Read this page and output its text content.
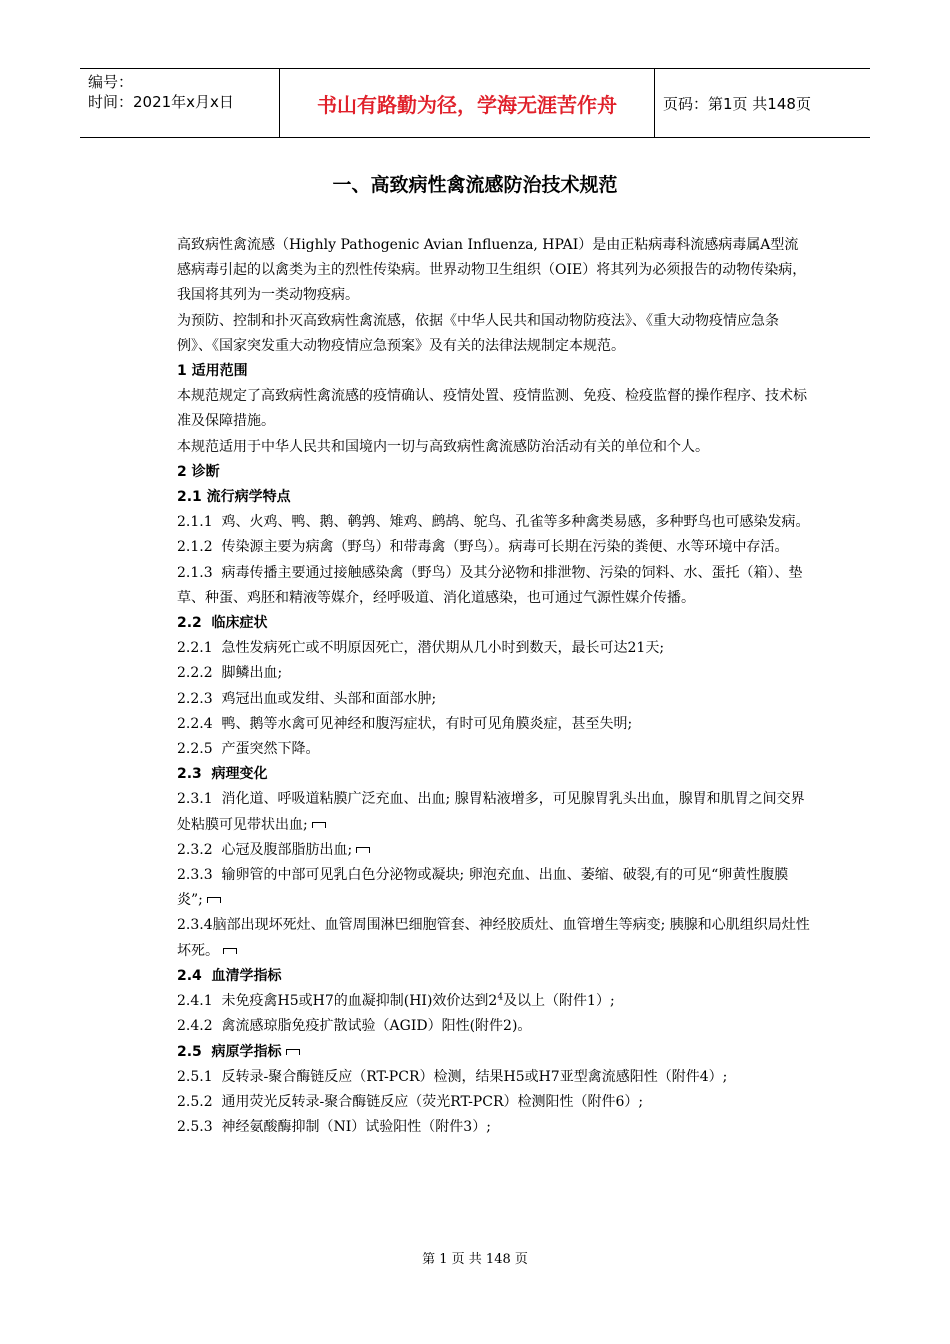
编号：
时间：2021年x月x日	书山有路勤为径，学海无涯苦作舟	页码：第1页 共148页
一、高致病性禽流感防治技术规范

高致病性禽流感（Highly Pathogenic Avian Influenza, HPAI）是由正粘病毒科流感病毒属A型流感病毒引起的以禽类为主的烈性传染病。世界动物卫生组织（OIE）将其列为必须报告的动物传染病，我国将其列为一类动物疫病。

为预防、控制和扑灭高致病性禽流感，依据《中华人民共和国动物防疫法》、《重大动物疫情应急条例》、《国家突发重大动物疫情应急预案》及有关的法律法规制定本规范。

1 适用范围

本规范规定了高致病性禽流感的疫情确认、疫情处置、疫情监测、免疫、检疫监督的操作程序、技术标准及保障措施。

本规范适用于中华人民共和国境内一切与高致病性禽流感防治活动有关的单位和个人。

2 诊断

2.1 流行病学特点

2.1.1  鸡、火鸡、鸭、鹅、鹌鹑、雉鸡、鹧鸪、鸵鸟、孔雀等多种禽类易感，多种野鸟也可感染发病。

2.1.2  传染源主要为病禽（野鸟）和带毒禽（野鸟）。病毒可长期在污染的粪便、水等环境中存活。

2.1.3  病毒传播主要通过接触感染禽（野鸟）及其分泌物和排泄物、污染的饲料、水、蛋托（箱）、垫草、种蛋、鸡胚和精液等媒介，经呼吸道、消化道感染，也可通过气源性媒介传播。

2.2  临床症状

2.2.1  急性发病死亡或不明原因死亡，潜伏期从几小时到数天，最长可达21天;

2.2.2  脚鳞出血;

2.2.3  鸡冠出血或发绀、头部和面部水肿;

2.2.4  鸭、鹅等水禽可见神经和腹泻症状，有时可见角膜炎症，甚至失明;

2.2.5  产蛋突然下降。

2.3  病理变化

2.3.1  消化道、呼吸道粘膜广泛充血、出血; 腺胃粘液增多，可见腺胃乳头出血，腺胃和肌胃之间交界处粘膜可见带状出血;

2.3.2  心冠及腹部脂肪出血;

2.3.3  输卵管的中部可见乳白色分泌物或凝块; 卵泡充血、出血、萎缩、破裂,有的可见“卵黄性腹膜炎”;

2.3.4脑部出现坏死灶、血管周围淋巴细胞管套、神经胶质灶、血管增生等病变; 胰腺和心肌组织局灶性坏死。

2.4  血清学指标

2.4.1  未免疫禽H5或H7的血凝抑制(HI)效价达到$2^4$及以上（附件1）;

2.4.2  禽流感琼脂免疫扩散试验（AGID）阳性(附件2)。

2.5  病原学指标

2.5.1  反转录-聚合酶链反应（RT-PCR）检测，结果H5或H7亚型禽流感阳性（附件4）;

2.5.2  通用荧光反转录-聚合酶链反应（荧光RT-PCR）检测阳性（附件6）;

2.5.3  神经氨酸酶抑制（NI）试验阳性（附件3）;

第 1 页 共 148 页
